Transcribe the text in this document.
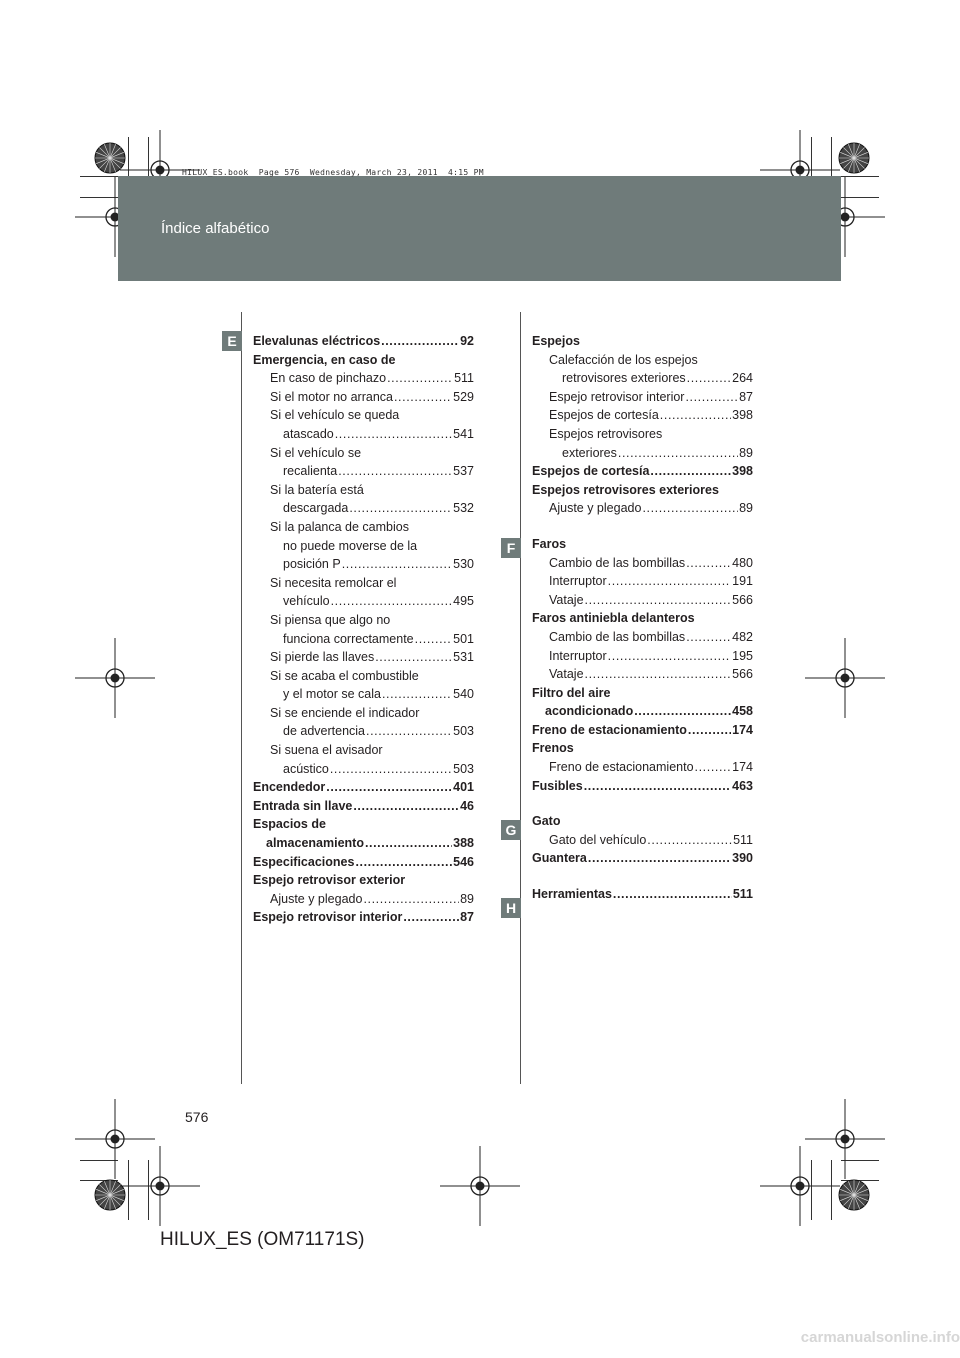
Índice alfabético
HILUX_ES.book  Page 576  Wednesday, March 23, 2011  4:15 PM
E
F
G
H
Elevalunas eléctricos .....	92
Emergencia, en caso de
En caso de pinchazo .....	511
Si el motor no arranca .....	529
Si el vehículo se queda
atascado .....	541
Si el vehículo se
recalienta .....	537
Si la batería está
descargada .....	532
Si la palanca de cambios
no puede moverse de la
posición P .....	530
Si necesita remolcar el
vehículo .....	495
Si piensa que algo no
funciona correctamente .....	501
Si pierde las llaves .....	531
Si se acaba el combustible
y el motor se cala .....	540
Si se enciende el indicador
de advertencia .....	503
Si suena el avisador
acústico .....	503
Encendedor .....	401
Entrada sin llave .....	46
Espacios de
almacenamiento .....	388
Especificaciones .....	546
Espejo retrovisor exterior
Ajuste y plegado .....	89
Espejo retrovisor interior .....	87
Espejos
Calefacción de los espejos
retrovisores exteriores .....	264
Espejo retrovisor interior .....	87
Espejos de cortesía .....	398
Espejos retrovisores
exteriores .....	89
Espejos de cortesía .....	398
Espejos retrovisores exteriores
Ajuste y plegado .....	89
Faros
Cambio de las bombillas .....	480
Interruptor .....	191
Vataje .....	566
Faros antiniebla delanteros
Cambio de las bombillas .....	482
Interruptor .....	195
Vataje .....	566
Filtro del aire
acondicionado .....	458
Freno de estacionamiento .....	174
Frenos
Freno de estacionamiento .....	174
Fusibles .....	463
Gato
Gato del vehículo .....	511
Guantera .....	390
Herramientas .....	511
576
HILUX_ES (OM71171S)
carmanualsonline.info
